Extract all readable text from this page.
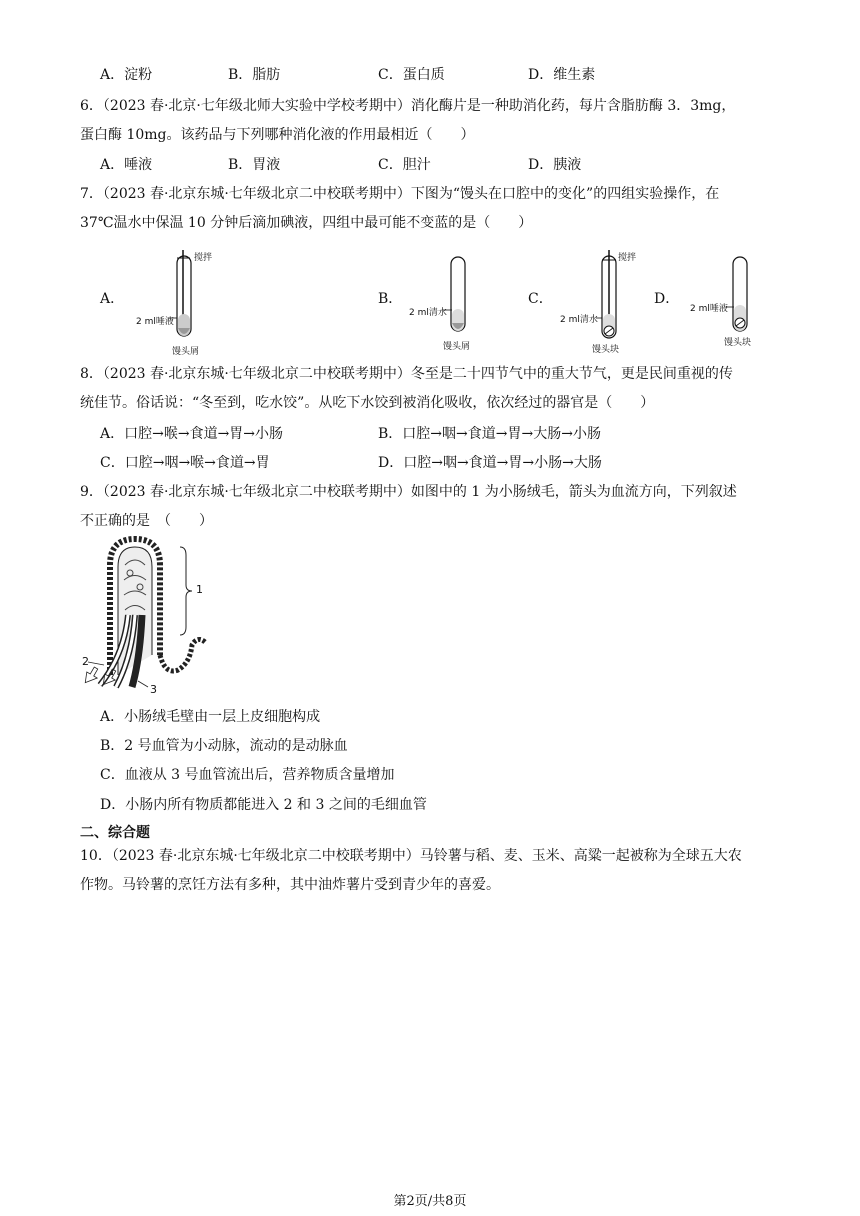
A．淀粉	B．脂肪	C．蛋白质	D．维生素
6．（2023 春·北京·七年级北师大实验中学校考期中）消化酶片是一种助消化药，每片含脂肪酶 3．3mg，
蛋白酶 10mg。该药品与下列哪种消化液的作用最相近（　　）
A．唾液	B．胃液	C．胆汁	D．胰液
7．（2023 春·北京东城·七年级北京二中校联考期中）下图为“馒头在口腔中的变化”的四组实验操作，在
37℃温水中保温 10 分钟后滴加碘液，四组中最可能不变蓝的是（　　）
A．	B．	C．	D．
搅拌
2 ml唾液
馒头屑
2 ml清水
馒头屑
搅拌
2 ml清水
馒头块
2 ml唾液
馒头块
8．（2023 春·北京东城·七年级北京二中校联考期中）冬至是二十四节气中的重大节气，更是民间重视的传
统佳节。俗话说：“冬至到，吃水饺”。从吃下水饺到被消化吸收，依次经过的器官是（　　）
A．口腔→喉→食道→胃→小肠	B．口腔→咽→食道→胃→大肠→小肠
C．口腔→咽→喉→食道→胃	D．口腔→咽→食道→胃→小肠→大肠
9．（2023 春·北京东城·七年级北京二中校联考期中）如图中的 1 为小肠绒毛，箭头为血流方向，下列叙述
不正确的是　（　　）
1
2
3
A．小肠绒毛壁由一层上皮细胞构成
B．2 号血管为小动脉，流动的是动脉血
C．血液从 3 号血管流出后，营养物质含量增加
D．小肠内所有物质都能进入 2 和 3 之间的毛细血管
二、综合题
10．（2023 春·北京东城·七年级北京二中校联考期中）马铃薯与稻、麦、玉米、高粱一起被称为全球五大农
作物。马铃薯的烹饪方法有多种，其中油炸薯片受到青少年的喜爱。
第2页/共8页
